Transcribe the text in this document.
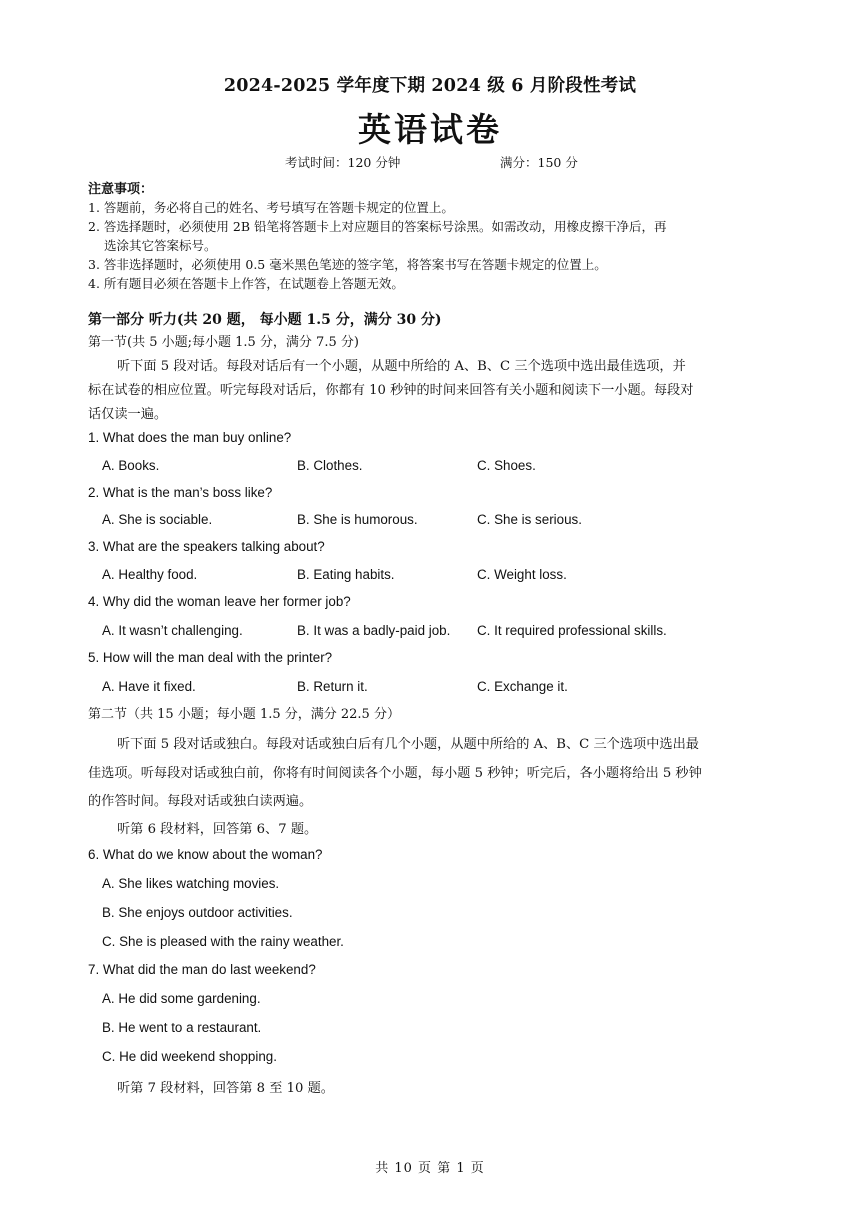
2024-2025 学年度下期 2024 级 6 月阶段性考试
英语试卷
考试时间：120 分钟	满分：150 分
注意事项：
1. 答题前，务必将自己的姓名、考号填写在答题卡规定的位置上。
2. 答选择题时，必须使用 2B 铅笔将答题卡上对应题目的答案标号涂黑。如需改动，用橡皮擦干净后，再
选涂其它答案标号。
3. 答非选择题时，必须使用 0.5 毫米黑色笔迹的签字笔，将答案书写在答题卡规定的位置上。
4. 所有题目必须在答题卡上作答，在试题卷上答题无效。
第一部分 听力(共 20 题， 每小题 1.5 分，满分 30 分)
第一节(共 5 小题;每小题 1.5 分，满分 7.5 分)
听下面 5 段对话。每段对话后有一个小题，从题中所给的 A、B、C 三个选项中选出最佳选项，并
标在试卷的相应位置。听完每段对话后，你都有 10 秒钟的时间来回答有关小题和阅读下一小题。每段对
话仅读一遍。
1. What does the man buy online?
A. Books.	B. Clothes.	C. Shoes.
2. What is the man’s boss like?
A. She is sociable.	B. She is humorous.	C. She is serious.
3. What are the speakers talking about?
A. Healthy food.	B. Eating habits.	C. Weight loss.
4. Why did the woman leave her former job?
A. It wasn’t challenging.	B. It was a badly-paid job. C. It required professional skills.
5. How will the man deal with the printer?
A. Have it fixed.	B. Return it.	C. Exchange it.
第二节（共 15 小题；每小题 1.5 分，满分 22.5 分）
听下面 5 段对话或独白。每段对话或独白后有几个小题，从题中所给的 A、B、C 三个选项中选出最
佳选项。听每段对话或独白前，你将有时间阅读各个小题，每小题 5 秒钟；听完后，各小题将给出 5 秒钟
的作答时间。每段对话或独白读两遍。
听第 6 段材料，回答第 6、7 题。
6. What do we know about the woman?
A. She likes watching movies.
B. She enjoys outdoor activities.
C. She is pleased with the rainy weather.
7. What did the man do last weekend?
A. He did some gardening.
B. He went to a restaurant.
C. He did weekend shopping.
听第 7 段材料，回答第 8 至 10 题。
共 10 页 第 1 页
